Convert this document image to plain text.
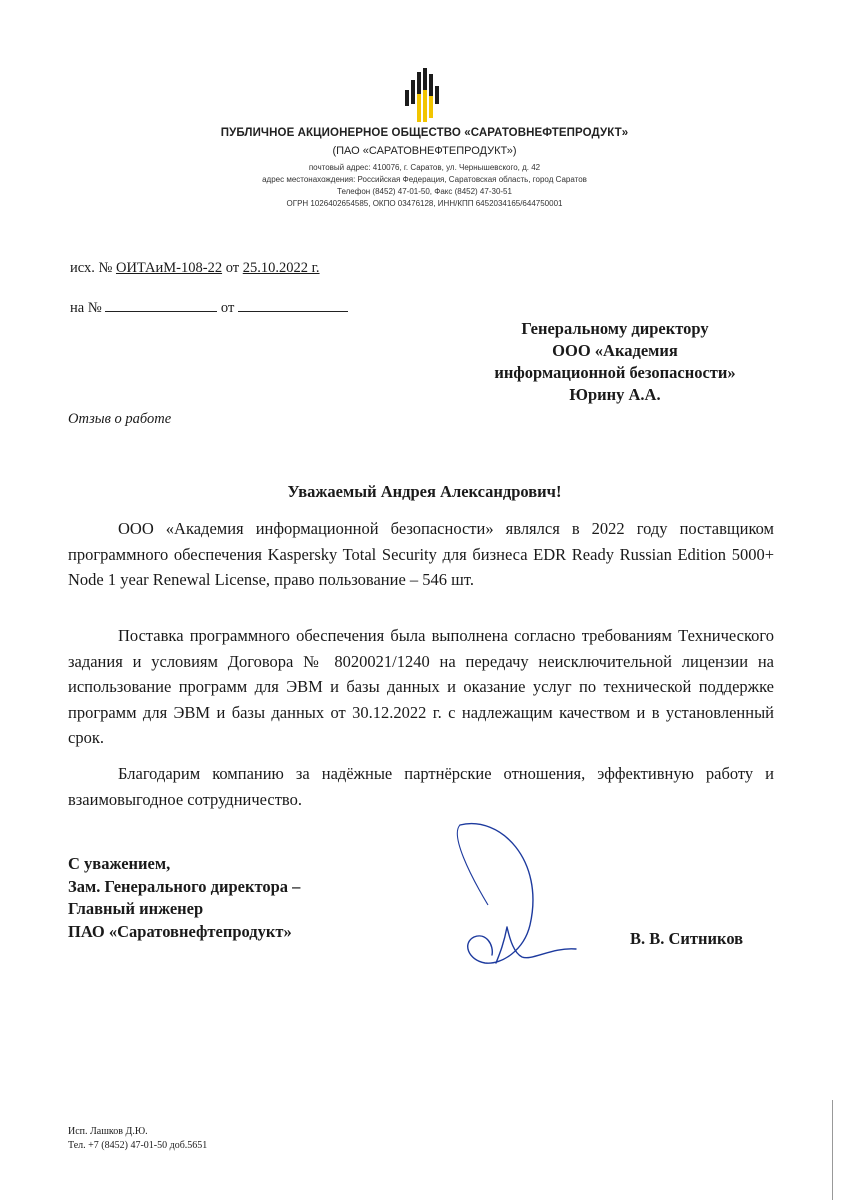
ПУБЛИЧНОЕ АКЦИОНЕРНОЕ ОБЩЕСТВО «САРАТОВНЕФТЕПРОДУКТ»
(ПАО «САРАТОВНЕФТЕПРОДУКТ»)
почтовый адрес: 410076, г. Саратов, ул. Чернышевского, д. 42
адрес местонахождения: Российская Федерация, Саратовская область, город Саратов
Телефон (8452) 47-01-50, Факс (8452) 47-30-51
ОГРН 1026402654585, ОКПО 03476128, ИНН/КПП 6452034165/644750001
исх. № ОИТАиМ-108-22 от 25.10.2022 г.
на №	от
Генеральному директору
ООО «Академия
информационной безопасности»
Юрину А.А.
Отзыв о работе
Уважаемый Андрея Александрович!

ООО «Академия информационной безопасности» являлся в 2022 году поставщиком программного обеспечения Kaspersky Total Security для бизнеса EDR Ready Russian Edition 5000+ Node 1 year Renewal License, право пользование – 546 шт.

Поставка программного обеспечения была выполнена согласно требованиям Технического задания и условиям Договора № 8020021/1240 на передачу неисключительной лицензии на использование программ для ЭВМ и базы данных и оказание услуг по технической поддержке программ для ЭВМ и базы данных от 30.12.2022 г. с надлежащим качеством и в установленный срок.

Благодарим компанию за надёжные партнёрские отношения, эффективную работу и взаимовыгодное сотрудничество.

С уважением,
Зам. Генерального директора –
Главный инженер
ПАО «Саратовнефтепродукт»	В. В. Ситников
Исп. Лашков Д.Ю.
Тел. +7 (8452) 47-01-50 доб.5651
